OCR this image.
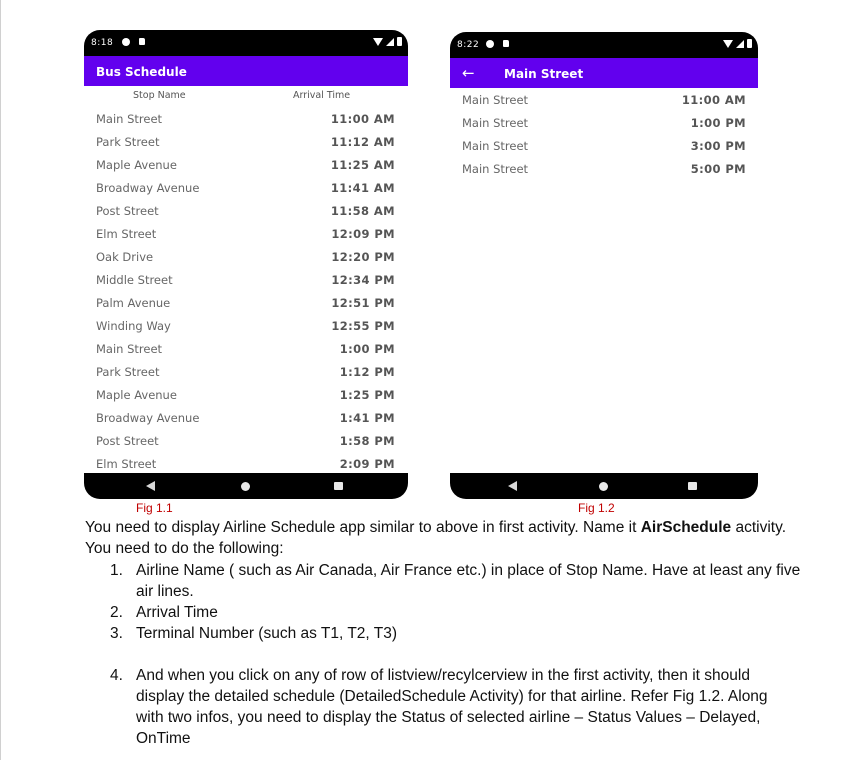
8:18
Bus Schedule
Stop Name	Arrival Time
Main Street	11:00 AM
Park Street	11:12 AM
Maple Avenue	11:25 AM
Broadway Avenue	11:41 AM
Post Street	11:58 AM
Elm Street	12:09 PM
Oak Drive	12:20 PM
Middle Street	12:34 PM
Palm Avenue	12:51 PM
Winding Way	12:55 PM
Main Street	1:00 PM
Park Street	1:12 PM
Maple Avenue	1:25 PM
Broadway Avenue	1:41 PM
Post Street	1:58 PM
Elm Street	2:09 PM
8:22
← Main Street
Main Street	11:00 AM
Main Street	1:00 PM
Main Street	3:00 PM
Main Street	5:00 PM
Fig 1.1	Fig 1.2
You need to display Airline Schedule app similar to above in first activity. Name it AirSchedule activity.
You need to do the following:
1. Airline Name ( such as Air Canada, Air France etc.) in place of Stop Name. Have at least any five
air lines.
2. Arrival Time
3. Terminal Number (such as T1, T2, T3)
4. And when you click on any of row of listview/recylcerview in the first activity, then it should
display the detailed schedule (DetailedSchedule Activity) for that airline. Refer Fig 1.2. Along
with two infos, you need to display the Status of selected airline – Status Values – Delayed,
OnTime
